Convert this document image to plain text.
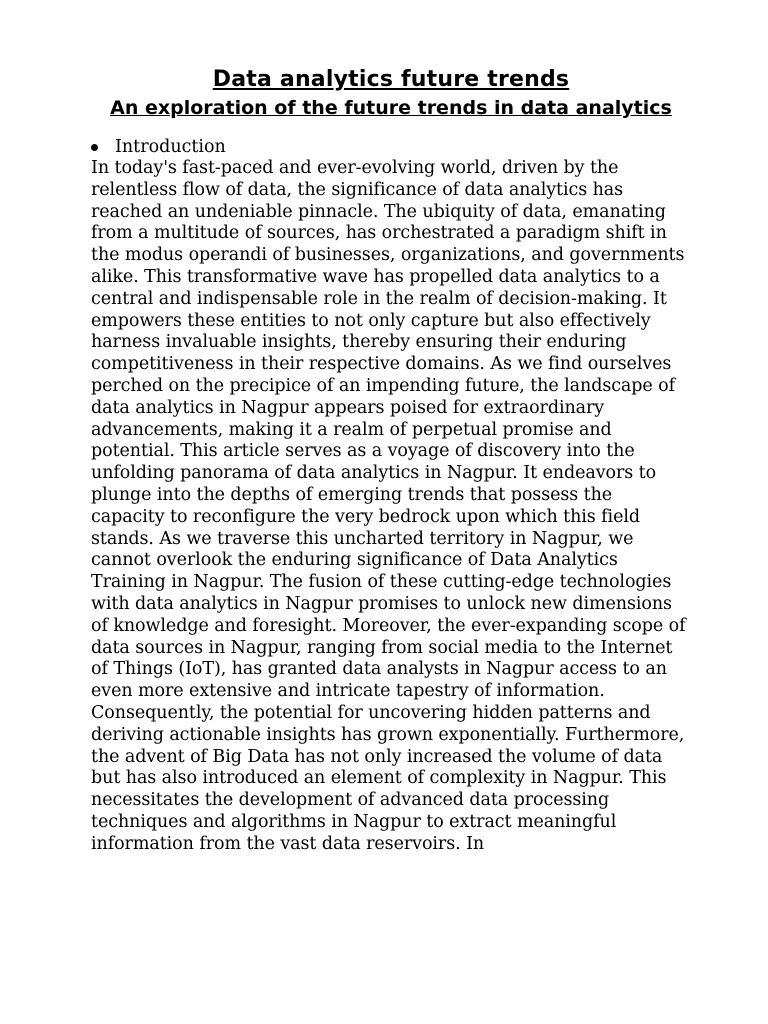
Data analytics future trends
An exploration of the future trends in data analytics
Introduction

In today's fast-paced and ever-evolving world, driven by the relentless flow of data, the significance of data analytics has reached an undeniable pinnacle. The ubiquity of data, emanating from a multitude of sources, has orchestrated a paradigm shift in the modus operandi of businesses, organizations, and governments alike. This transformative wave has propelled data analytics to a central and indispensable role in the realm of decision-making. It empowers these entities to not only capture but also effectively harness invaluable insights, thereby ensuring their enduring competitiveness in their respective domains. As we find ourselves perched on the precipice of an impending future, the landscape of data analytics in Nagpur appears poised for extraordinary advancements, making it a realm of perpetual promise and potential. This article serves as a voyage of discovery into the unfolding panorama of data analytics in Nagpur. It endeavors to plunge into the depths of emerging trends that possess the capacity to reconfigure the very bedrock upon which this field stands. As we traverse this uncharted territory in Nagpur, we cannot overlook the enduring significance of Data Analytics Training in Nagpur. The fusion of these cutting-edge technologies with data analytics in Nagpur promises to unlock new dimensions of knowledge and foresight. Moreover, the ever-expanding scope of data sources in Nagpur, ranging from social media to the Internet of Things (IoT), has granted data analysts in Nagpur access to an even more extensive and intricate tapestry of information. Consequently, the potential for uncovering hidden patterns and deriving actionable insights has grown exponentially. Furthermore, the advent of Big Data has not only increased the volume of data but has also introduced an element of complexity in Nagpur. This necessitates the development of advanced data processing techniques and algorithms in Nagpur to extract meaningful information from the vast data reservoirs. In
